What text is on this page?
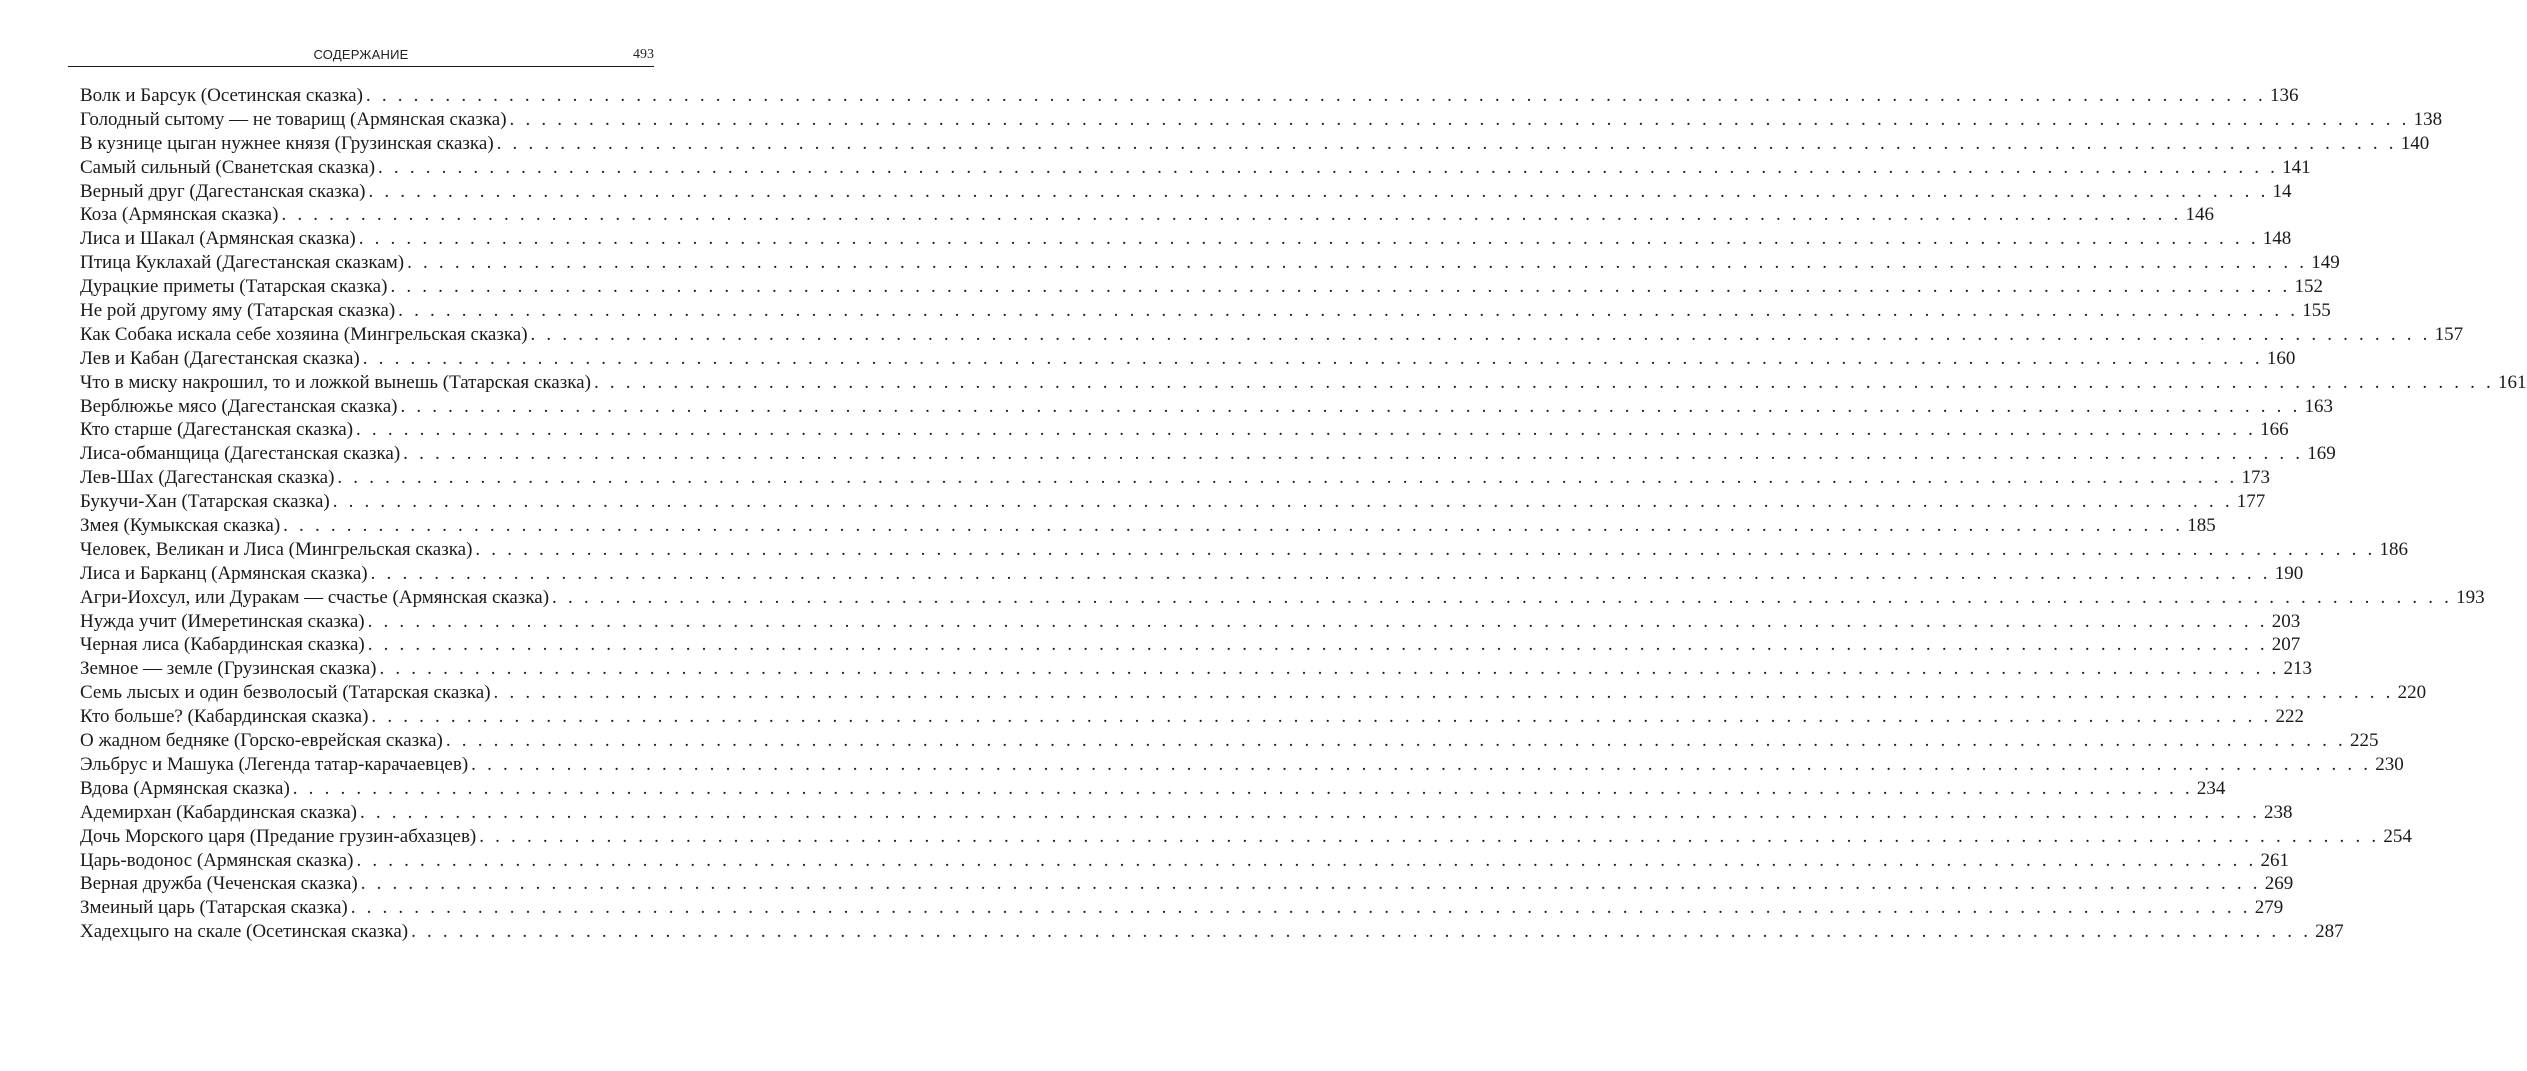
СОДЕРЖАНИЕ	493
Волк и Барсук (Осетинская сказка) . . . . . . . . . . . . . . . . . . . . . . . . . . . . . . . . . . . . . . . . . . . . . . . . . . . . . . . . . . . . . . . . . . . . . . . . . . . . . . . . . . . . . . . . . . . . . . . . . . . . . . . . . . . . . . . . . . . . . . . . 136
Голодный сытому — не товарищ (Армянская сказка) . . . . . . . . . . . . . . . . . . . . . . . . . . . . . . . . . . . . . . . . . . . . . . . . . . . . . . . . . . . . . . . . . . . . . . . . . . . . . . . . . . . . . . . . . . . . . . . . . . . . . . . . . . . . . . . . . . . . . . . . 138
В кузнице цыган нужнее князя (Грузинская сказка) . . . . . . . . . . . . . . . . . . . . . . . . . . . . . . . . . . . . . . . . . . . . . . . . . . . . . . . . . . . . . . . . . . . . . . . . . . . . . . . . . . . . . . . . . . . . . . . . . . . . . . . . . . . . . . . . . . . . . . . . 140
Самый сильный (Сванетская сказка) . . . . . . . . . . . . . . . . . . . . . . . . . . . . . . . . . . . . . . . . . . . . . . . . . . . . . . . . . . . . . . . . . . . . . . . . . . . . . . . . . . . . . . . . . . . . . . . . . . . . . . . . . . . . . . . . . . . . . . . . 141
Верный друг (Дагестанская сказка) . . . . . . . . . . . . . . . . . . . . . . . . . . . . . . . . . . . . . . . . . . . . . . . . . . . . . . . . . . . . . . . . . . . . . . . . . . . . . . . . . . . . . . . . . . . . . . . . . . . . . . . . . . . . . . . . . . . . . . . . 14
Коза (Армянская сказка) . . . . . . . . . . . . . . . . . . . . . . . . . . . . . . . . . . . . . . . . . . . . . . . . . . . . . . . . . . . . . . . . . . . . . . . . . . . . . . . . . . . . . . . . . . . . . . . . . . . . . . . . . . . . . . . . . . . . . . . . 146
Лиса и Шакал (Армянская сказка) . . . . . . . . . . . . . . . . . . . . . . . . . . . . . . . . . . . . . . . . . . . . . . . . . . . . . . . . . . . . . . . . . . . . . . . . . . . . . . . . . . . . . . . . . . . . . . . . . . . . . . . . . . . . . . . . . . . . . . . . 148
Птица Куклахай (Дагестанская сказкам) . . . . . . . . . . . . . . . . . . . . . . . . . . . . . . . . . . . . . . . . . . . . . . . . . . . . . . . . . . . . . . . . . . . . . . . . . . . . . . . . . . . . . . . . . . . . . . . . . . . . . . . . . . . . . . . . . . . . . . . . 149
Дурацкие приметы (Татарская сказка) . . . . . . . . . . . . . . . . . . . . . . . . . . . . . . . . . . . . . . . . . . . . . . . . . . . . . . . . . . . . . . . . . . . . . . . . . . . . . . . . . . . . . . . . . . . . . . . . . . . . . . . . . . . . . . . . . . . . . . . . 152
Не рой другому яму (Татарская сказка) . . . . . . . . . . . . . . . . . . . . . . . . . . . . . . . . . . . . . . . . . . . . . . . . . . . . . . . . . . . . . . . . . . . . . . . . . . . . . . . . . . . . . . . . . . . . . . . . . . . . . . . . . . . . . . . . . . . . . . . . 155
Как Собака искала себе хозяина (Мингрельская сказка) . . . . . . . . . . . . . . . . . . . . . . . . . . . . . . . . . . . . . . . . . . . . . . . . . . . . . . . . . . . . . . . . . . . . . . . . . . . . . . . . . . . . . . . . . . . . . . . . . . . . . . . . . . . . . . . . . . . . . . . . 157
Лев и Кабан (Дагестанская сказка) . . . . . . . . . . . . . . . . . . . . . . . . . . . . . . . . . . . . . . . . . . . . . . . . . . . . . . . . . . . . . . . . . . . . . . . . . . . . . . . . . . . . . . . . . . . . . . . . . . . . . . . . . . . . . . . . . . . . . . . . 160
Что в миску накрошил, то и ложкой вынешь (Татарская сказка) . . . . . . . . . . . . . . . . . . . . . . . . . . . . . . . . . . . . . . . . . . . . . . . . . . . . . . . . . . . . . . . . . . . . . . . . . . . . . . . . . . . . . . . . . . . . . . . . . . . . . . . . . . . . . . . . . . . . . . . . 161
Верблюжье мясо (Дагестанская сказка) . . . . . . . . . . . . . . . . . . . . . . . . . . . . . . . . . . . . . . . . . . . . . . . . . . . . . . . . . . . . . . . . . . . . . . . . . . . . . . . . . . . . . . . . . . . . . . . . . . . . . . . . . . . . . . . . . . . . . . . . 163
Кто старше (Дагестанская сказка) . . . . . . . . . . . . . . . . . . . . . . . . . . . . . . . . . . . . . . . . . . . . . . . . . . . . . . . . . . . . . . . . . . . . . . . . . . . . . . . . . . . . . . . . . . . . . . . . . . . . . . . . . . . . . . . . . . . . . . . . 166
Лиса-обманщица (Дагестанская сказка) . . . . . . . . . . . . . . . . . . . . . . . . . . . . . . . . . . . . . . . . . . . . . . . . . . . . . . . . . . . . . . . . . . . . . . . . . . . . . . . . . . . . . . . . . . . . . . . . . . . . . . . . . . . . . . . . . . . . . . . . 169
Лев-Шах (Дагестанская сказка) . . . . . . . . . . . . . . . . . . . . . . . . . . . . . . . . . . . . . . . . . . . . . . . . . . . . . . . . . . . . . . . . . . . . . . . . . . . . . . . . . . . . . . . . . . . . . . . . . . . . . . . . . . . . . . . . . . . . . . . . 173
Букучи-Хан (Татарская сказка) . . . . . . . . . . . . . . . . . . . . . . . . . . . . . . . . . . . . . . . . . . . . . . . . . . . . . . . . . . . . . . . . . . . . . . . . . . . . . . . . . . . . . . . . . . . . . . . . . . . . . . . . . . . . . . . . . . . . . . . . 177
Змея (Кумыкская сказка) . . . . . . . . . . . . . . . . . . . . . . . . . . . . . . . . . . . . . . . . . . . . . . . . . . . . . . . . . . . . . . . . . . . . . . . . . . . . . . . . . . . . . . . . . . . . . . . . . . . . . . . . . . . . . . . . . . . . . . . . 185
Человек, Великан и Лиса (Мингрельская сказка) . . . . . . . . . . . . . . . . . . . . . . . . . . . . . . . . . . . . . . . . . . . . . . . . . . . . . . . . . . . . . . . . . . . . . . . . . . . . . . . . . . . . . . . . . . . . . . . . . . . . . . . . . . . . . . . . . . . . . . . . 186
Лиса и Барканц (Армянская сказка) . . . . . . . . . . . . . . . . . . . . . . . . . . . . . . . . . . . . . . . . . . . . . . . . . . . . . . . . . . . . . . . . . . . . . . . . . . . . . . . . . . . . . . . . . . . . . . . . . . . . . . . . . . . . . . . . . . . . . . . . 190
Агри-Иохсул, или Дуракам — счастье (Армянская сказка) . . . . . . . . . . . . . . . . . . . . . . . . . . . . . . . . . . . . . . . . . . . . . . . . . . . . . . . . . . . . . . . . . . . . . . . . . . . . . . . . . . . . . . . . . . . . . . . . . . . . . . . . . . . . . . . . . . . . . . . . 193
Нужда учит (Имеретинская сказка) . . . . . . . . . . . . . . . . . . . . . . . . . . . . . . . . . . . . . . . . . . . . . . . . . . . . . . . . . . . . . . . . . . . . . . . . . . . . . . . . . . . . . . . . . . . . . . . . . . . . . . . . . . . . . . . . . . . . . . . . 203
Черная лиса (Кабардинская сказка) . . . . . . . . . . . . . . . . . . . . . . . . . . . . . . . . . . . . . . . . . . . . . . . . . . . . . . . . . . . . . . . . . . . . . . . . . . . . . . . . . . . . . . . . . . . . . . . . . . . . . . . . . . . . . . . . . . . . . . . . 207
Земное — земле (Грузинская сказка) . . . . . . . . . . . . . . . . . . . . . . . . . . . . . . . . . . . . . . . . . . . . . . . . . . . . . . . . . . . . . . . . . . . . . . . . . . . . . . . . . . . . . . . . . . . . . . . . . . . . . . . . . . . . . . . . . . . . . . . . 213
Семь лысых и один безволосый (Татарская сказка) . . . . . . . . . . . . . . . . . . . . . . . . . . . . . . . . . . . . . . . . . . . . . . . . . . . . . . . . . . . . . . . . . . . . . . . . . . . . . . . . . . . . . . . . . . . . . . . . . . . . . . . . . . . . . . . . . . . . . . . . 220
Кто больше? (Кабардинская сказка) . . . . . . . . . . . . . . . . . . . . . . . . . . . . . . . . . . . . . . . . . . . . . . . . . . . . . . . . . . . . . . . . . . . . . . . . . . . . . . . . . . . . . . . . . . . . . . . . . . . . . . . . . . . . . . . . . . . . . . . . 222
О жадном бедняке (Горско-еврейская сказка) . . . . . . . . . . . . . . . . . . . . . . . . . . . . . . . . . . . . . . . . . . . . . . . . . . . . . . . . . . . . . . . . . . . . . . . . . . . . . . . . . . . . . . . . . . . . . . . . . . . . . . . . . . . . . . . . . . . . . . . . 225
Эльбрус и Машука (Легенда татар-карачаевцев) . . . . . . . . . . . . . . . . . . . . . . . . . . . . . . . . . . . . . . . . . . . . . . . . . . . . . . . . . . . . . . . . . . . . . . . . . . . . . . . . . . . . . . . . . . . . . . . . . . . . . . . . . . . . . . . . . . . . . . . . 230
Вдова (Армянская сказка) . . . . . . . . . . . . . . . . . . . . . . . . . . . . . . . . . . . . . . . . . . . . . . . . . . . . . . . . . . . . . . . . . . . . . . . . . . . . . . . . . . . . . . . . . . . . . . . . . . . . . . . . . . . . . . . . . . . . . . . . 234
Адемирхан (Кабардинская сказка) . . . . . . . . . . . . . . . . . . . . . . . . . . . . . . . . . . . . . . . . . . . . . . . . . . . . . . . . . . . . . . . . . . . . . . . . . . . . . . . . . . . . . . . . . . . . . . . . . . . . . . . . . . . . . . . . . . . . . . . . 238
Дочь Морского царя (Предание грузин-абхазцев) . . . . . . . . . . . . . . . . . . . . . . . . . . . . . . . . . . . . . . . . . . . . . . . . . . . . . . . . . . . . . . . . . . . . . . . . . . . . . . . . . . . . . . . . . . . . . . . . . . . . . . . . . . . . . . . . . . . . . . . . 254
Царь-водонос (Армянская сказка) . . . . . . . . . . . . . . . . . . . . . . . . . . . . . . . . . . . . . . . . . . . . . . . . . . . . . . . . . . . . . . . . . . . . . . . . . . . . . . . . . . . . . . . . . . . . . . . . . . . . . . . . . . . . . . . . . . . . . . . . 261
Верная дружба (Чеченская сказка) . . . . . . . . . . . . . . . . . . . . . . . . . . . . . . . . . . . . . . . . . . . . . . . . . . . . . . . . . . . . . . . . . . . . . . . . . . . . . . . . . . . . . . . . . . . . . . . . . . . . . . . . . . . . . . . . . . . . . . . . 269
Змеиный царь (Татарская сказка) . . . . . . . . . . . . . . . . . . . . . . . . . . . . . . . . . . . . . . . . . . . . . . . . . . . . . . . . . . . . . . . . . . . . . . . . . . . . . . . . . . . . . . . . . . . . . . . . . . . . . . . . . . . . . . . . . . . . . . . . 279
Хадехцыго на скале (Осетинская сказка) . . . . . . . . . . . . . . . . . . . . . . . . . . . . . . . . . . . . . . . . . . . . . . . . . . . . . . . . . . . . . . . . . . . . . . . . . . . . . . . . . . . . . . . . . . . . . . . . . . . . . . . . . . . . . . . . . . . . . . . . 287
